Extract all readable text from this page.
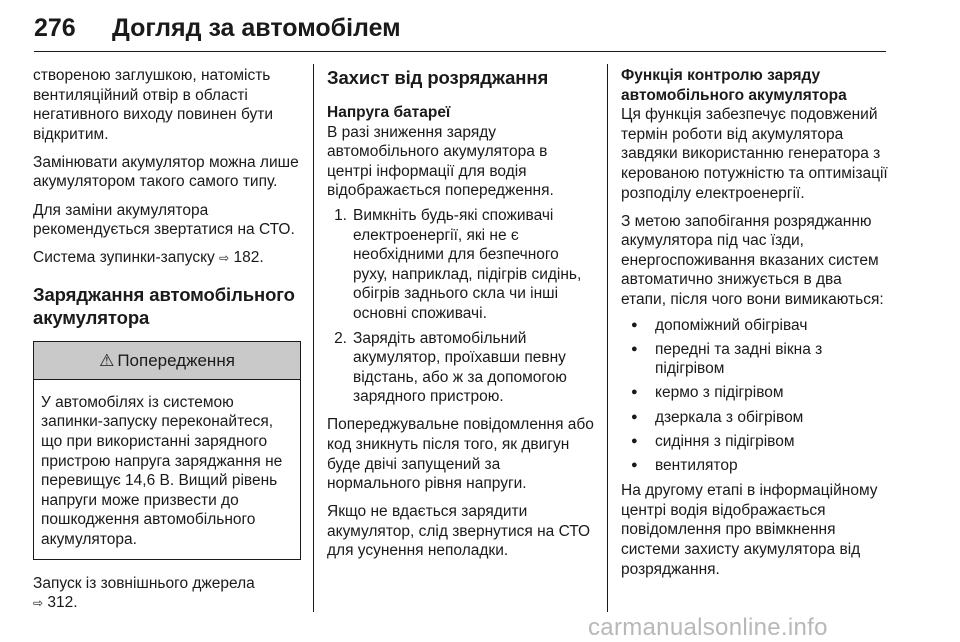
276 Догляд за автомобілем

створеною заглушкою, натомість вентиляційний отвір в області негативного виходу повинен бути відкритим.

Замінювати акумулятор можна лише акумулятором такого самого типу.

Для заміни акумулятора рекомендується звертатися на СТО.

Система зупинки-запуску ⇨ 182.

Заряджання автомобільного акумулятора
⚠ Попередження
У автомобілях із системою запинки-запуску переконайтеся, що при використанні зарядного пристрою напруга заряджання не перевищує 14,6 В. Вищий рівень напруги може призвести до пошкодження автомобільного акумулятора.

Запуск із зовнішнього джерела
⇨ 312.

Захист від розряджання
Напруга батареї

В разі зниження заряду автомобільного акумулятора в центрі інформації для водія відображається попередження.

1. Вимкніть будь-які споживачі електроенергії, які не є необхідними для безпечного руху, наприклад, підігрів сидінь, обігрів заднього скла чи інші основні споживачі.
2. Зарядіть автомобільний акумулятор, проїхавши певну відстань, або ж за допомогою зарядного пристрою.

Попереджувальне повідомлення або код зникнуть після того, як двигун буде двічі запущений за нормального рівня напруги.

Якщо не вдається зарядити акумулятор, слід звернутися на СТО для усунення неполадки.

Функція контролю заряду автомобільного акумулятора

Ця функція забезпечує подовжений термін роботи від акумулятора завдяки використанню генератора з керованою потужністю та оптимізації розподілу електроенергії.

З метою запобігання розряджанню акумулятора під час їзди, енергоспоживання вказаних систем автоматично знижується в два етапи, після чого вони вимикаються:

●	допоміжний обігрівач
●	передні та задні вікна з підігрівом
●	кермо з підігрівом
●	дзеркала з обігрівом
●	сидіння з підігрівом
●	вентилятор

На другому етапі в інформаційному центрі водія відображається повідомлення про ввімкнення системи захисту акумулятора від розряджання.

carmanualsonline.info
